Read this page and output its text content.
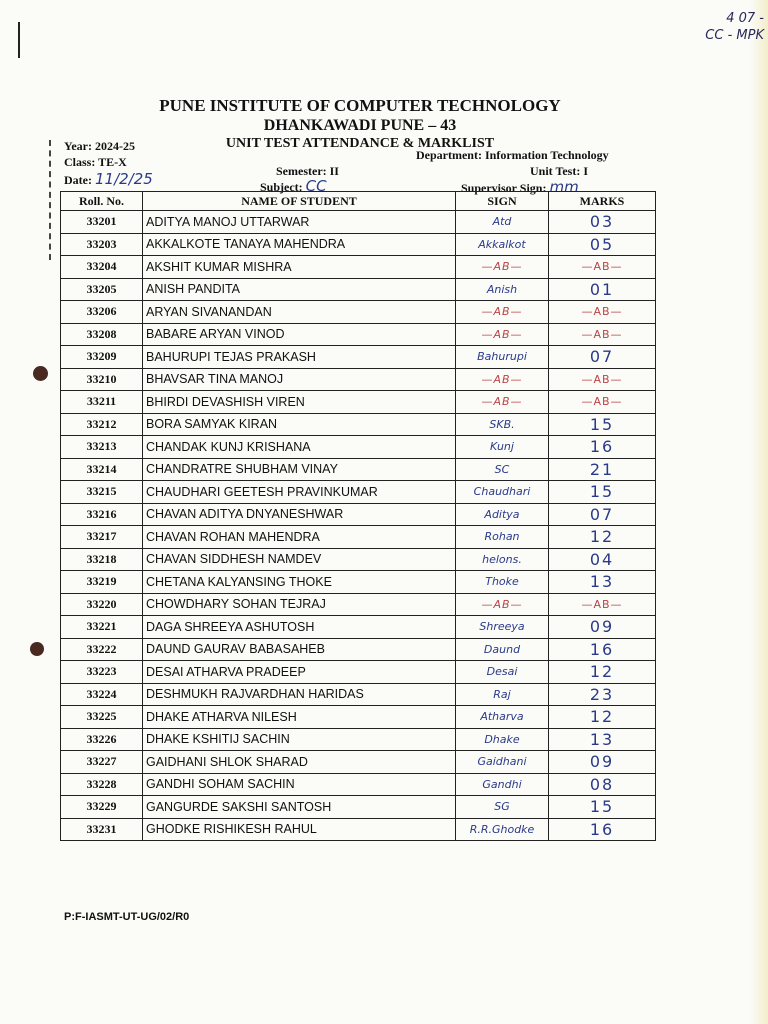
4 07 -
CC - MPK
PUNE INSTITUTE OF COMPUTER TECHNOLOGY
DHANKAWADI PUNE – 43
UNIT TEST ATTENDANCE & MARKLIST
Year: 2024-25
Class: TE-X
Date: 11/2/25
Department: Information Technology
Semester: II	Unit Test: I
Subject: CC	Supervisor Sign: mm
Roll. No.	NAME OF STUDENT	SIGN	MARKS
33201	ADITYA MANOJ UTTARWAR	Atd	03
33203	AKKALKOTE TANAYA MAHENDRA	Akkalkot	05
33204	AKSHIT KUMAR MISHRA	—AB—	—AB—
33205	ANISH PANDITA	Anish	01
33206	ARYAN SIVANANDAN	—AB—	—AB—
33208	BABARE ARYAN VINOD	—AB—	—AB—
33209	BAHURUPI TEJAS PRAKASH	Bahurupi	07
33210	BHAVSAR TINA MANOJ	—AB—	—AB—
33211	BHIRDI DEVASHISH VIREN	—AB—	—AB—
33212	BORA SAMYAK KIRAN	SKB.	15
33213	CHANDAK KUNJ KRISHANA	Kunj	16
33214	CHANDRATRE SHUBHAM VINAY	SC	21
33215	CHAUDHARI GEETESH PRAVINKUMAR	Chaudhari	15
33216	CHAVAN ADITYA DNYANESHWAR	Aditya	07
33217	CHAVAN ROHAN MAHENDRA	Rohan	12
33218	CHAVAN SIDDHESH NAMDEV	helons.	04
33219	CHETANA KALYANSING THOKE	Thoke	13
33220	CHOWDHARY SOHAN TEJRAJ	—AB—	—AB—
33221	DAGA SHREEYA ASHUTOSH	Shreeya	09
33222	DAUND GAURAV BABASAHEB	Daund	16
33223	DESAI ATHARVA PRADEEP	Desai	12
33224	DESHMUKH RAJVARDHAN HARIDAS	Raj	23
33225	DHAKE ATHARVA NILESH	Atharva	12
33226	DHAKE KSHITIJ SACHIN	Dhake	13
33227	GAIDHANI SHLOK SHARAD	Gaidhani	09
33228	GANDHI SOHAM SACHIN	Gandhi	08
33229	GANGURDE SAKSHI SANTOSH	SG	15
33231	GHODKE RISHIKESH RAHUL	R.R.Ghodke	16
P:F-IASMT-UT-UG/02/R0
